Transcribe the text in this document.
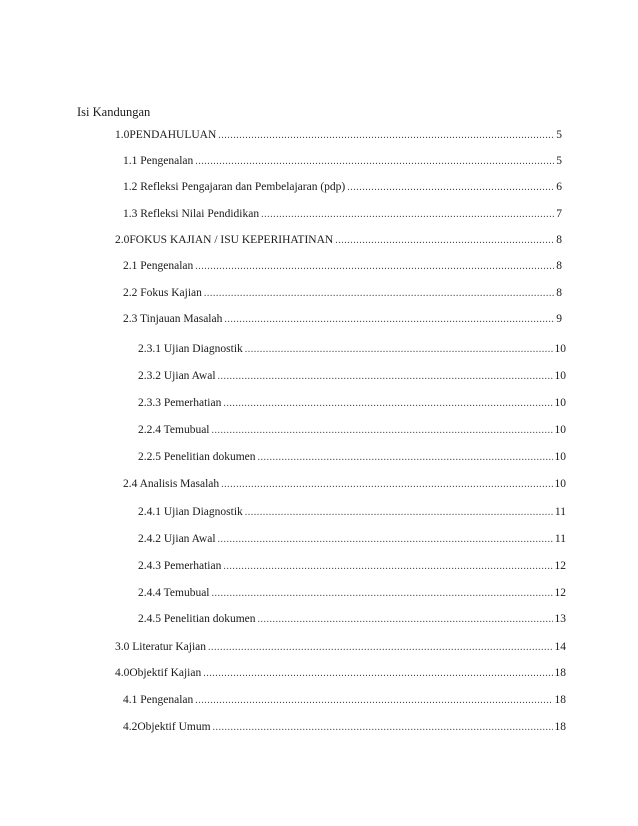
Isi Kandungan
1.0 PENDAHULUAN .....	5
1.1 Pengenalan .....	5
1.2 Refleksi Pengajaran dan Pembelajaran (pdp) .....	6
1.3 Refleksi Nilai Pendidikan .....	7
2.0 FOKUS KAJIAN / ISU KEPERIHATINAN .....	8
2.1 Pengenalan .....	8
2.2 Fokus Kajian .....	8
2.3 Tinjauan Masalah .....	9
2.3.1 Ujian Diagnostik .....	10
2.3.2 Ujian Awal .....	10
2.3.3 Pemerhatian .....	10
2.2.4 Temubual .....	10
2.2.5 Penelitian dokumen .....	10
2.4 Analisis Masalah .....	10
2.4.1 Ujian Diagnostik .....	11
2.4.2 Ujian Awal .....	11
2.4.3 Pemerhatian .....	12
2.4.4 Temubual .....	12
2.4.5 Penelitian dokumen .....	13
3.0 Literatur Kajian .....	14
4.0 Objektif Kajian .....	18
4.1 Pengenalan .....	18
4.2 Objektif Umum .....	18
